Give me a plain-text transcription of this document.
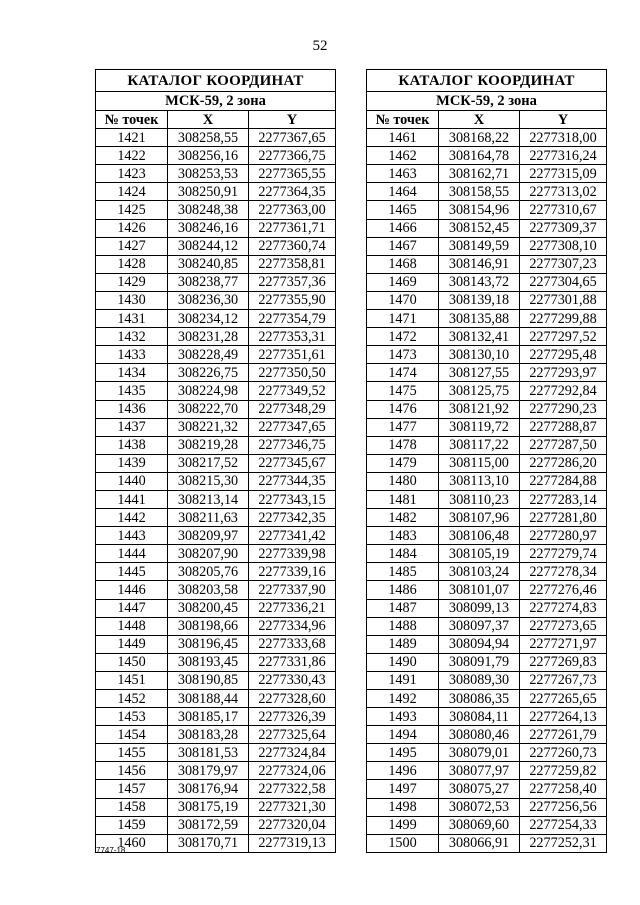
52
КАТАЛОГ КООРДИНАТ		
МСК-59, 2 зона		
№ точек	X	Y
1421	308258,55	2277367,65
1422	308256,16	2277366,75
1423	308253,53	2277365,55
1424	308250,91	2277364,35
1425	308248,38	2277363,00
1426	308246,16	2277361,71
1427	308244,12	2277360,74
1428	308240,85	2277358,81
1429	308238,77	2277357,36
1430	308236,30	2277355,90
1431	308234,12	2277354,79
1432	308231,28	2277353,31
1433	308228,49	2277351,61
1434	308226,75	2277350,50
1435	308224,98	2277349,52
1436	308222,70	2277348,29
1437	308221,32	2277347,65
1438	308219,28	2277346,75
1439	308217,52	2277345,67
1440	308215,30	2277344,35
1441	308213,14	2277343,15
1442	308211,63	2277342,35
1443	308209,97	2277341,42
1444	308207,90	2277339,98
1445	308205,76	2277339,16
1446	308203,58	2277337,90
1447	308200,45	2277336,21
1448	308198,66	2277334,96
1449	308196,45	2277333,68
1450	308193,45	2277331,86
1451	308190,85	2277330,43
1452	308188,44	2277328,60
1453	308185,17	2277326,39
1454	308183,28	2277325,64
1455	308181,53	2277324,84
1456	308179,97	2277324,06
1457	308176,94	2277322,58
1458	308175,19	2277321,30
1459	308172,59	2277320,04
1460	308170,71	2277319,13
КАТАЛОГ КООРДИНАТ		
МСК-59, 2 зона		
№ точек	X	Y
1461	308168,22	2277318,00
1462	308164,78	2277316,24
1463	308162,71	2277315,09
1464	308158,55	2277313,02
1465	308154,96	2277310,67
1466	308152,45	2277309,37
1467	308149,59	2277308,10
1468	308146,91	2277307,23
1469	308143,72	2277304,65
1470	308139,18	2277301,88
1471	308135,88	2277299,88
1472	308132,41	2277297,52
1473	308130,10	2277295,48
1474	308127,55	2277293,97
1475	308125,75	2277292,84
1476	308121,92	2277290,23
1477	308119,72	2277288,87
1478	308117,22	2277287,50
1479	308115,00	2277286,20
1480	308113,10	2277284,88
1481	308110,23	2277283,14
1482	308107,96	2277281,80
1483	308106,48	2277280,97
1484	308105,19	2277279,74
1485	308103,24	2277278,34
1486	308101,07	2277276,46
1487	308099,13	2277274,83
1488	308097,37	2277273,65
1489	308094,94	2277271,97
1490	308091,79	2277269,83
1491	308089,30	2277267,73
1492	308086,35	2277265,65
1493	308084,11	2277264,13
1494	308080,46	2277261,79
1495	308079,01	2277260,73
1496	308077,97	2277259,82
1497	308075,27	2277258,40
1498	308072,53	2277256,56
1499	308069,60	2277254,33
1500	308066,91	2277252,31
7747-18
